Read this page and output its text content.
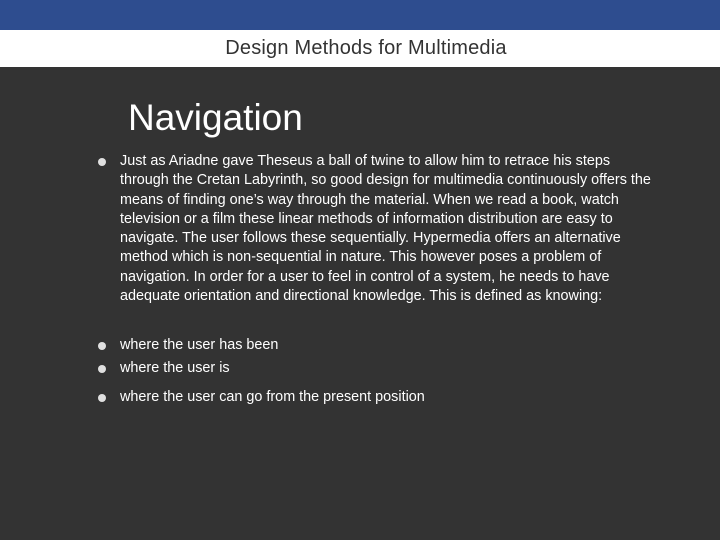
Design Methods for Multimedia
Navigation
Just as Ariadne gave Theseus a ball of twine to allow him to retrace his steps through the Cretan Labyrinth, so good design for multimedia continuously offers the means of finding one’s way through the material. When we read a book, watch television or a film these linear methods of information distribution are easy to navigate. The user follows these sequentially. Hypermedia offers an alternative method which is non-sequential in nature. This however poses a problem of navigation. In order for a user to feel in control of a system, he needs to have adequate orientation and directional knowledge. This is defined as knowing:
where the user has been
where the user is
where the user can go from the present position
